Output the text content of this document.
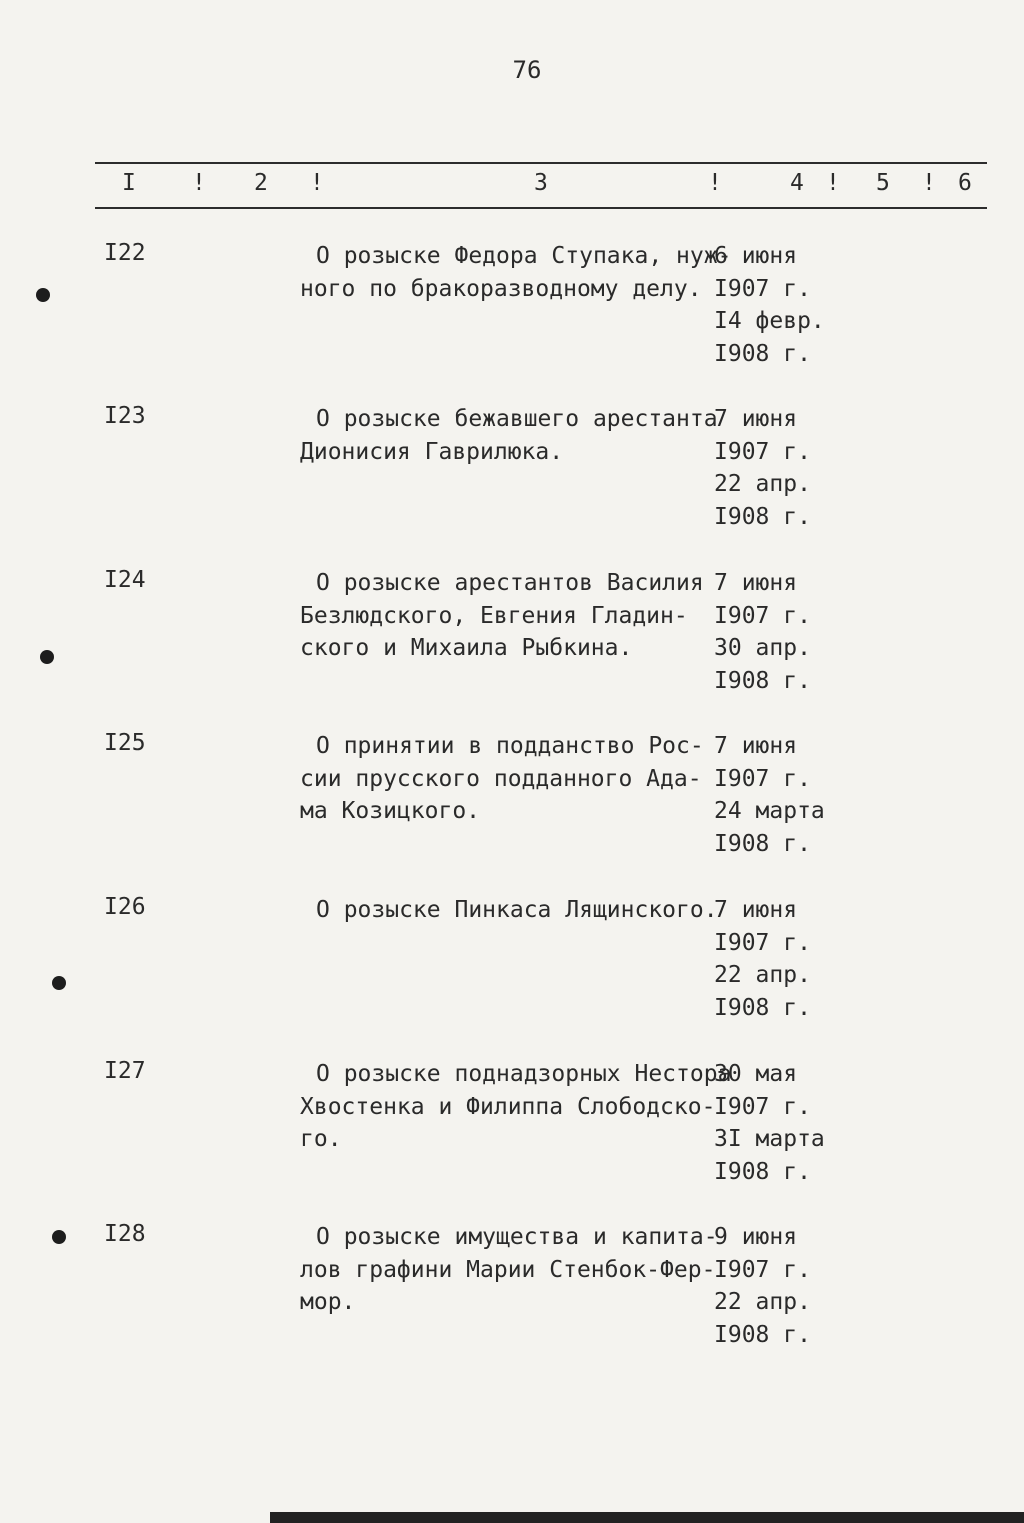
76
I ! 2 !	3	!	4 ! 5 ! 6
I22	О розыске Федора Ступака, нуж-
ного по бракоразводному делу.
6 июня
I907 г.
I4 февр.
I908 г.
I23	О розыске бежавшего арестанта
Дионисия Гаврилюка.
7 июня
I907 г.
22 апр.
I908 г.
I24	О розыске арестантов Василия
Безлюдского, Евгения Гладин-
ского и Михаила Рыбкина.
7 июня
I907 г.
30 апр.
I908 г.
I25	О принятии в подданство Рос-
сии прусского подданного Ада-
ма Козицкого.
7 июня
I907 г.
24 марта
I908 г.
I26	О розыске Пинкаса Лящинского.
7 июня
I907 г.
22 апр.
I908 г.
I27	О розыске поднадзорных Нестора
Хвостенка и Филиппа Слободско-
го.
30 мая
I907 г.
3I марта
I908 г.
I28	О розыске имущества и капита-
лов графини Марии Стенбок-Фер-
мор.
9 июня
I907 г.
22 апр.
I908 г.
